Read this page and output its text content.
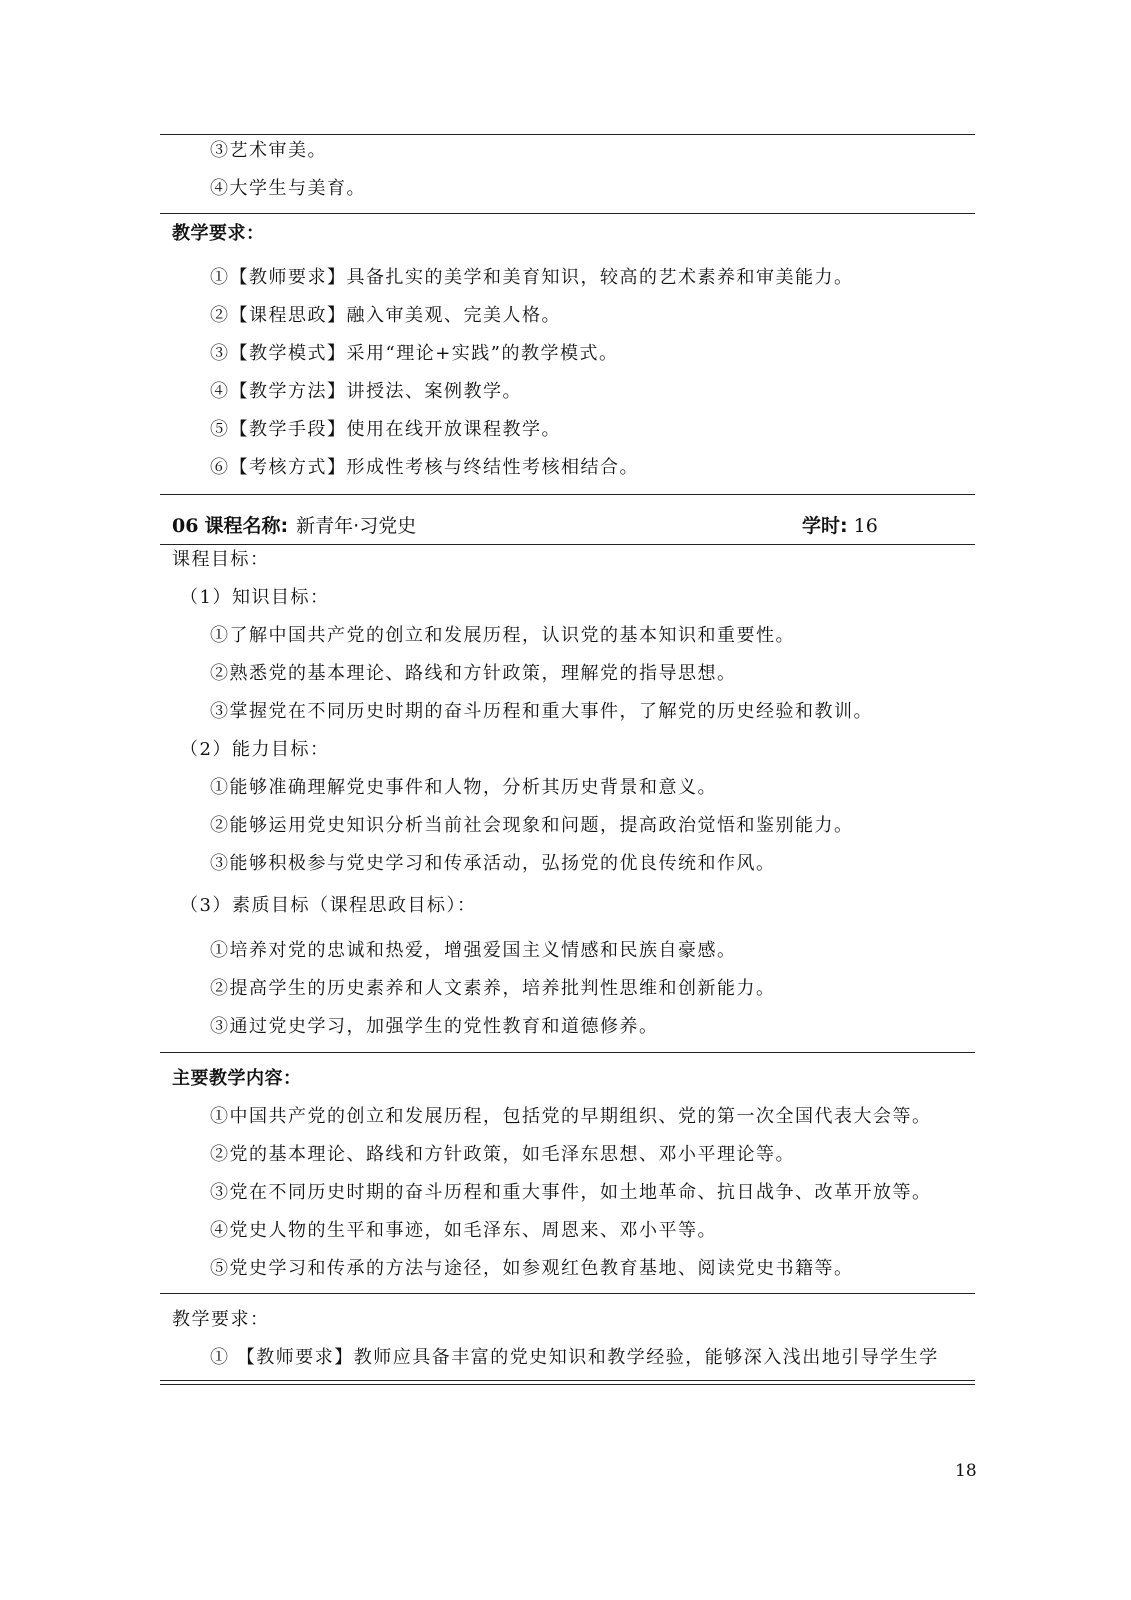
③艺术审美。
④大学生与美育。
教学要求：
①【教师要求】具备扎实的美学和美育知识，较高的艺术素养和审美能力。
②【课程思政】融入审美观、完美人格。
③【教学模式】采用“理论+实践”的教学模式。
④【教学方法】讲授法、案例教学。
⑤【教学手段】使用在线开放课程教学。
⑥【考核方式】形成性考核与终结性考核相结合。
06 课程名称: 新青年·习党史	学时: 16
课程目标：
（1）知识目标：
①了解中国共产党的创立和发展历程，认识党的基本知识和重要性。
②熟悉党的基本理论、路线和方针政策，理解党的指导思想。
③掌握党在不同历史时期的奋斗历程和重大事件，了解党的历史经验和教训。
（2）能力目标：
①能够准确理解党史事件和人物，分析其历史背景和意义。
②能够运用党史知识分析当前社会现象和问题，提高政治觉悟和鉴别能力。
③能够积极参与党史学习和传承活动，弘扬党的优良传统和作风。
（3）素质目标（课程思政目标）：
①培养对党的忠诚和热爱，增强爱国主义情感和民族自豪感。
②提高学生的历史素养和人文素养，培养批判性思维和创新能力。
③通过党史学习，加强学生的党性教育和道德修养。
主要教学内容：
①中国共产党的创立和发展历程，包括党的早期组织、党的第一次全国代表大会等。
②党的基本理论、路线和方针政策，如毛泽东思想、邓小平理论等。
③党在不同历史时期的奋斗历程和重大事件，如土地革命、抗日战争、改革开放等。
④党史人物的生平和事迹，如毛泽东、周恩来、邓小平等。
⑤党史学习和传承的方法与途径，如参观红色教育基地、阅读党史书籍等。
教学要求：
① 【教师要求】教师应具备丰富的党史知识和教学经验，能够深入浅出地引导学生学
18
